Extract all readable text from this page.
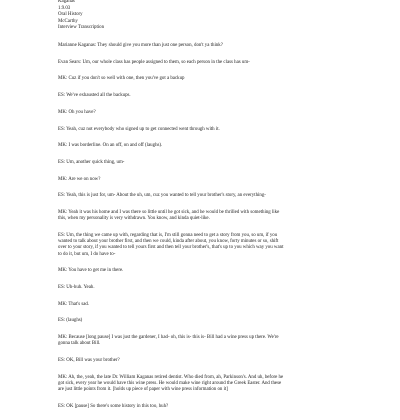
Kaganas
1.9.03
Oral History
McCarthy
Interview Transcription

Marianne Kaganas: They should give you more than just one person, don't ya think?

Evan Sears: Um, our whole class has people assigned to them, so each person in the class has um-

MK: Cuz if you don't so well with one, then you've got a backup

ES: We've exhausted all the backups.

MK: Oh you have?

ES: Yeah, cuz not everybody who signed up to get connected went through with it.

MK: I was borderline. On an off, on and off (laughs).

ES: Um, another quick thing, um-

MK: Are we on now?

ES: Yeah, this is just for, um- About the uh, um, cuz you wanted to tell your brother's story, an everything-

MK: Yeah it was his home and I was there so little until he got sick, and he would be thrilled with something like
this, when my personality is very withdrawn. You know, and kinda quiet-like.

ES: Um, the thing we came up with, regarding that is, I'm still gonna need to get a story from you, so um, if you
wanted to talk about your brother first, and then we could, kinda after about, you know, forty minutes or so, shift
over to your story, if you wanted to tell yours first and then tell your brother's, that's up to you which way you want
to do it, but um, I do have to-

MK: You have to get me in there.

ES: Uh-huh. Yeah.

MK: That's sad.

ES: (laughs)

MK: Because [long pause] I was just the gardener, I had- oh, this is- this is- Bill had a wine press up there. We're
gonna talk about Bill.

ES: OK, Bill was your brother?

MK: Ah, the, yeah, the late Dr. William Kaganas retired dentist. Who died from, ah, Parkinson's. And uh, before he
got sick, every year he would have this wine press. He would make wine right around the Greek Easter. And these
are just little points from it. [holds up piece of paper with wine press information on it]

ES: OK [pause] So there's some history in this too, huh?
